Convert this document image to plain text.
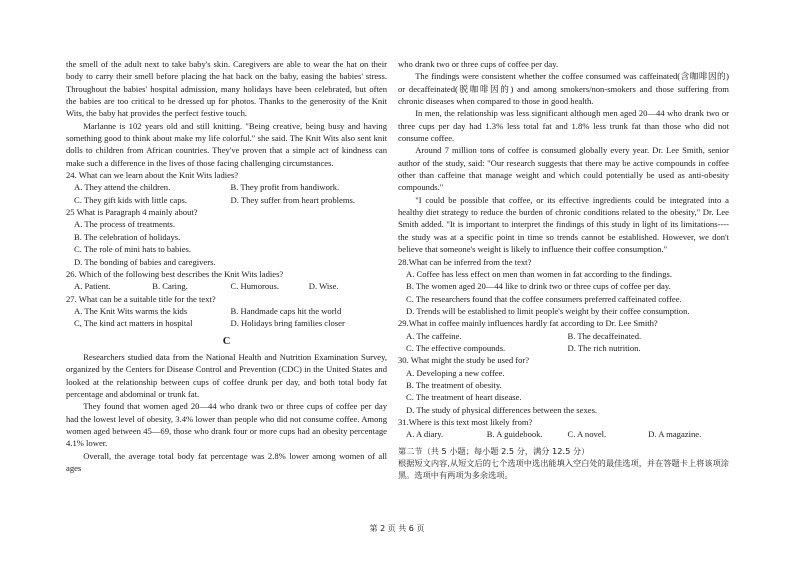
the smell of the adult next to take baby's skin. Caregivers are able to wear the hat on their body to carry their smell before placing the hat back on the baby, easing the babies' stress. Throughout the babies' hospital admission, many holidays have been celebrated, but often the babies are too critical to be dressed up for photos. Thanks to the generosity of the Knit Wits, the baby hat provides the perfect festive touch.

Marlanne is 102 years old and still knitting. "Being creative, being busy and having something good to think about make my life colorful." she said. The Knit Wits also sent knit dolls to children from African countries. They've proven that a simple act of kindness can make such a difference in the lives of those facing challenging circumstances.

24. What can we learn about the Knit Wits ladies?

A. They attend the children.	B. They profit from handiwork.
C. They gift kids with little caps.	D. They suffer from heart problems.

25 What is Paragraph 4 mainly about?

A. The process of treatments.
B. The celebration of holidays.
C. The role of mini hats to babies.
D. The bonding of babies and caregivers.

26. Which of the following best describes the Knit Wits ladies?

A. Patient.	B. Caring.	C. Humorous.	D. Wise.

27. What can be a suitable title for the text?

A. The Knit Wits warms the kids	B. Handmade caps hit the world
C, The kind act matters in hospital	D. Holidays bring families closer
C

Researchers studied data from the National Health and Nutrition Examination Survey, organized by the Centers for Disease Control and Prevention (CDC) in the United States and looked at the relationship between cups of coffee drunk per day, and both total body fat percentage and abdominal or trunk fat.

They found that women aged 20—44 who drank two or three cups of coffee per day had the lowest level of obesity, 3.4% lower than people who did not consume coffee. Among women aged between 45—69, those who drank four or more cups had an obesity percentage 4.1% lower.

Overall, the average total body fat percentage was 2.8% lower among women of all ages

who drank two or three cups of coffee per day.

The findings were consistent whether the coffee consumed was caffeinated(含咖啡因的) or decaffeinated(脱咖啡因的) and among smokers/non-smokers and those suffering from chronic diseases when compared to those in good health.

In men, the relationship was less significant although men aged 20—44 who drank two or three cups per day had 1.3% less total fat and 1.8% less trunk fat than those who did not consume coffee.

Around 7 million tons of coffee is consumed globally every year. Dr. Lee Smith, senior author of the study, said: "Our research suggests that there may be active compounds in coffee other than caffeine that manage weight and which could potentially be used as anti-obesity compounds."

"I could be possible that coffee, or its effective ingredients could be integrated into a healthy diet strategy to reduce the burden of chronic conditions related to the obesity," Dr. Lee Smith added. "It is important to interpret the findings of this study in light of its limitations----the study was at a specific point in time so trends cannot be established. However, we don't believe that someone's weight is likely to influence their coffee consumption."

28.What can be inferred from the text?

A. Coffee has less effect on men than women in fat according to the findings.
B. The women aged 20—44 like to drink two or three cups of coffee per day.
C. The researchers found that the coffee consumers preferred caffeinated coffee.
D. Trends will be established to limit people's weight by their coffee consumption.

29.What in coffee mainly influences hardly fat according to Dr. Lee Smith?

A. The caffeine.	B. The decaffeinated.
C. The effective compounds.	D. The rich nutrition.

30. What might the study be used for?

A. Developing a new coffee.
B. The treatment of obesity.
C. The treatment of heart disease.
D. The study of physical differences between the sexes.

31.Where is this text most likely from?

A. A diary.	B. A guidebook.	C. A novel.	D. A magazine.

第二节（共 5 小题；每小题 2.5 分，满分 12.5 分）

根据短文内容,从短文后的七个选项中选出能填入空白处的最佳选项，并在答题卡上将该项涂黑。选项中有两项为多余选项。

第 2 页 共 6 页
